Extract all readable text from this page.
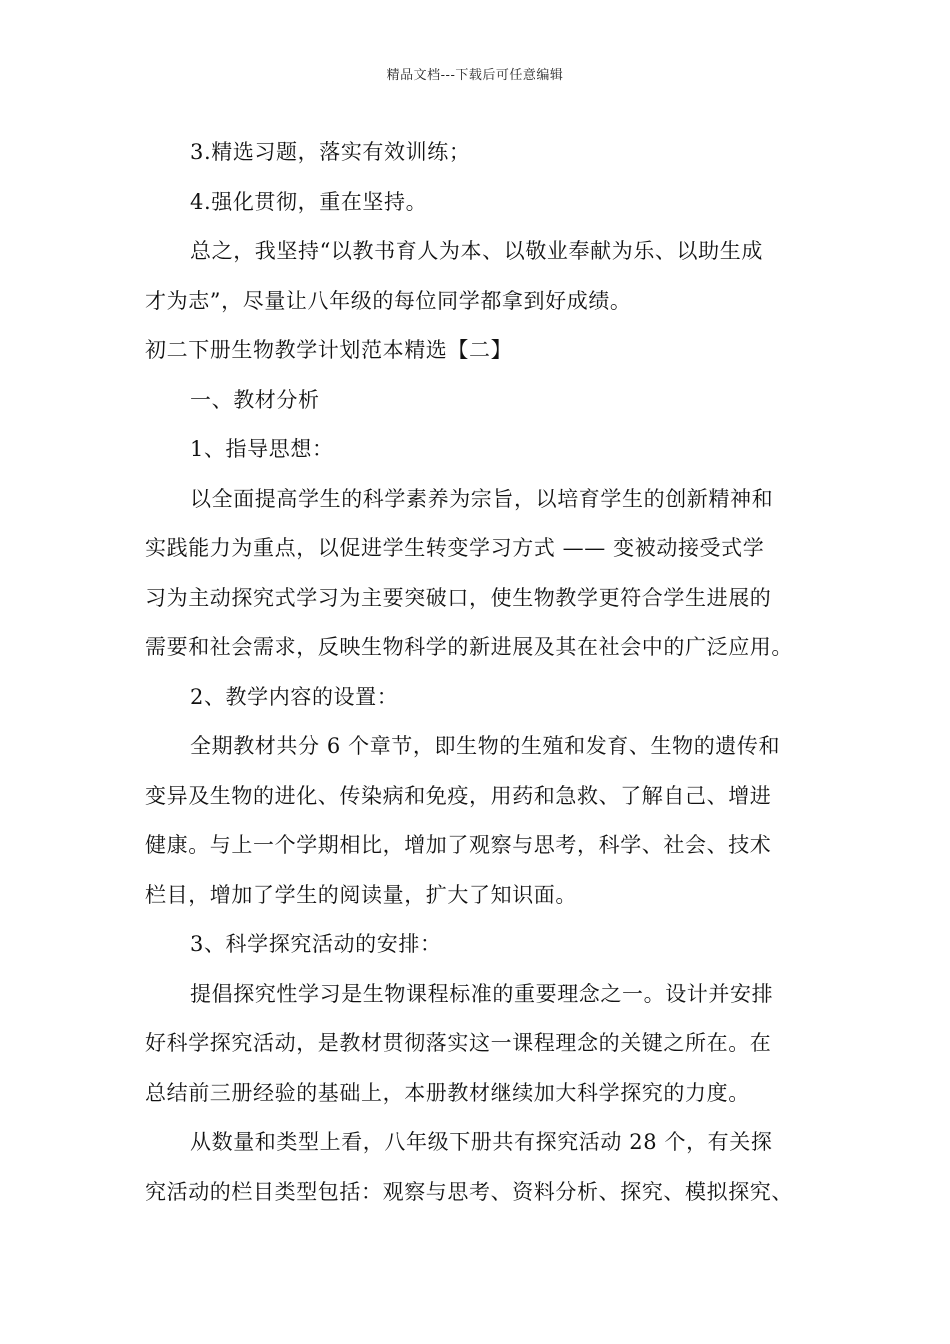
精品文档---下载后可任意编辑
3.精选习题，落实有效训练；
4.强化贯彻，重在坚持。
总之，我坚持“以教书育人为本、以敬业奉献为乐、以助生成
才为志”，尽量让八年级的每位同学都拿到好成绩。
初二下册生物教学计划范本精选【二】
一、教材分析
1、指导思想：
以全面提高学生的科学素养为宗旨，以培育学生的创新精神和
实践能力为重点，以促进学生转变学习方式 —— 变被动接受式学
习为主动探究式学习为主要突破口，使生物教学更符合学生进展的
需要和社会需求，反映生物科学的新进展及其在社会中的广泛应用。
2、教学内容的设置：
全期教材共分 6 个章节，即生物的生殖和发育、生物的遗传和
变异及生物的进化、传染病和免疫，用药和急救、了解自己、增进
健康。与上一个学期相比，增加了观察与思考，科学、社会、技术
栏目，增加了学生的阅读量，扩大了知识面。
3、科学探究活动的安排：
提倡探究性学习是生物课程标准的重要理念之一。设计并安排
好科学探究活动，是教材贯彻落实这一课程理念的关键之所在。在
总结前三册经验的基础上，本册教材继续加大科学探究的力度。
从数量和类型上看，八年级下册共有探究活动 28 个，有关探
究活动的栏目类型包括：观察与思考、资料分析、探究、模拟探究、
